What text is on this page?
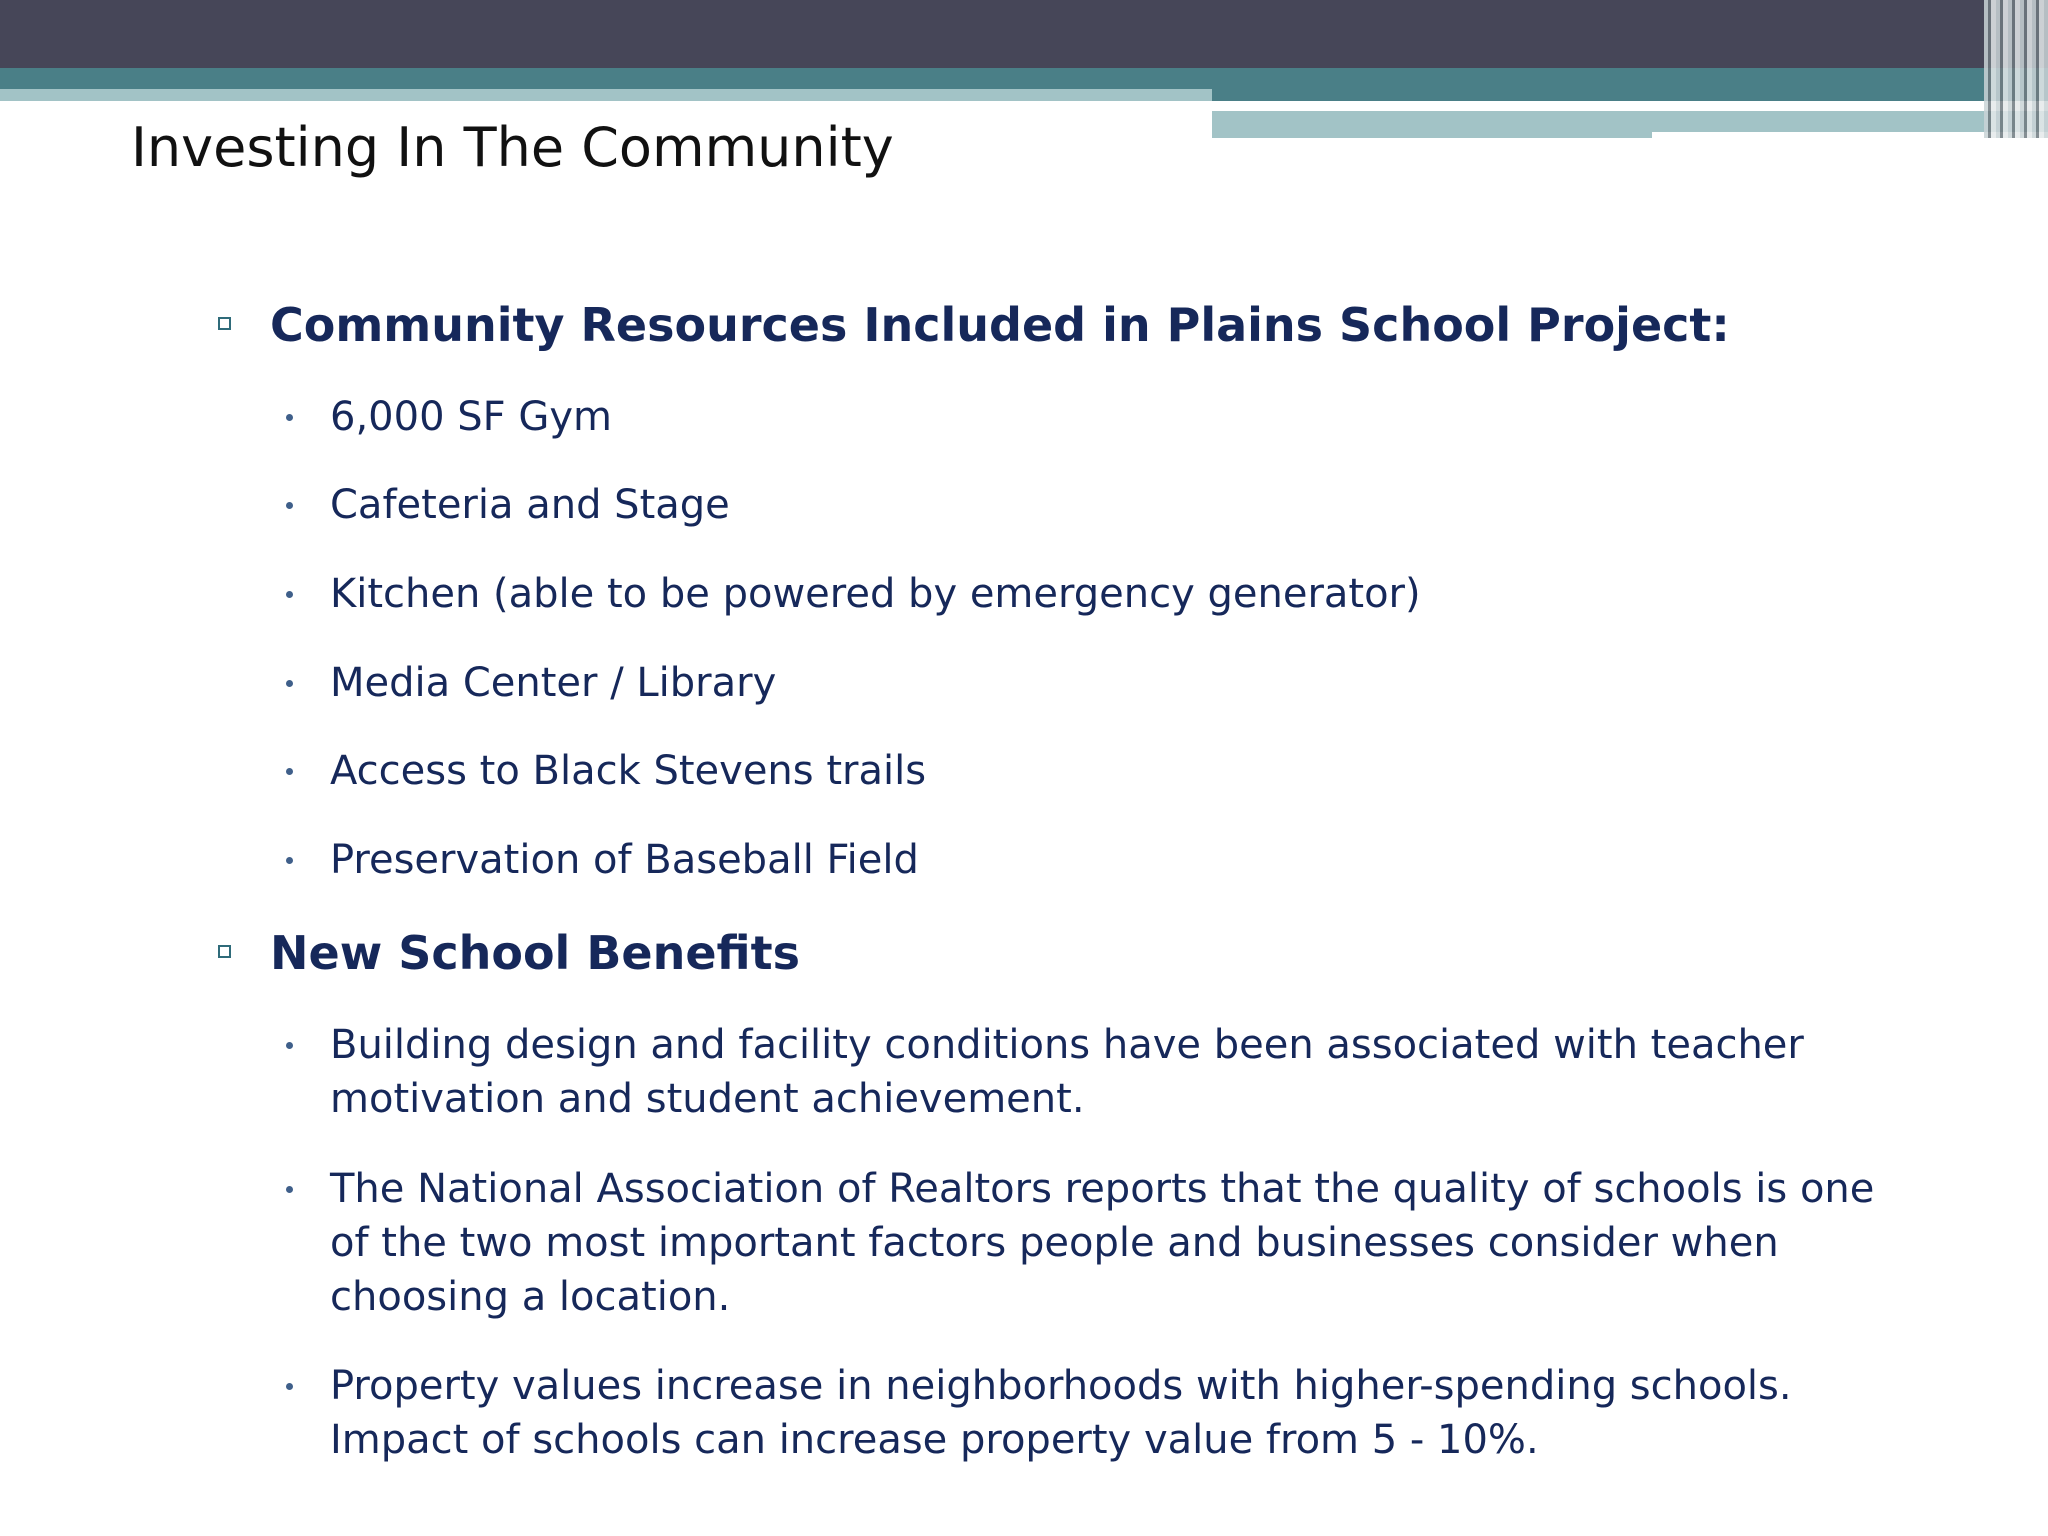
Investing In The Community
Community Resources Included in Plains School Project:
6,000 SF Gym
Cafeteria and Stage
Kitchen (able to be powered by emergency generator)
Media Center / Library
Access to Black Stevens trails
Preservation of Baseball Field
New School Benefits
Building design and facility conditions have been associated with teacher
motivation and student achievement.
The National Association of Realtors reports that the quality of schools is one
of the two most important factors people and businesses consider when
choosing a location.
Property values increase in neighborhoods with higher-spending schools.
Impact of schools can increase property value from 5 - 10%.
